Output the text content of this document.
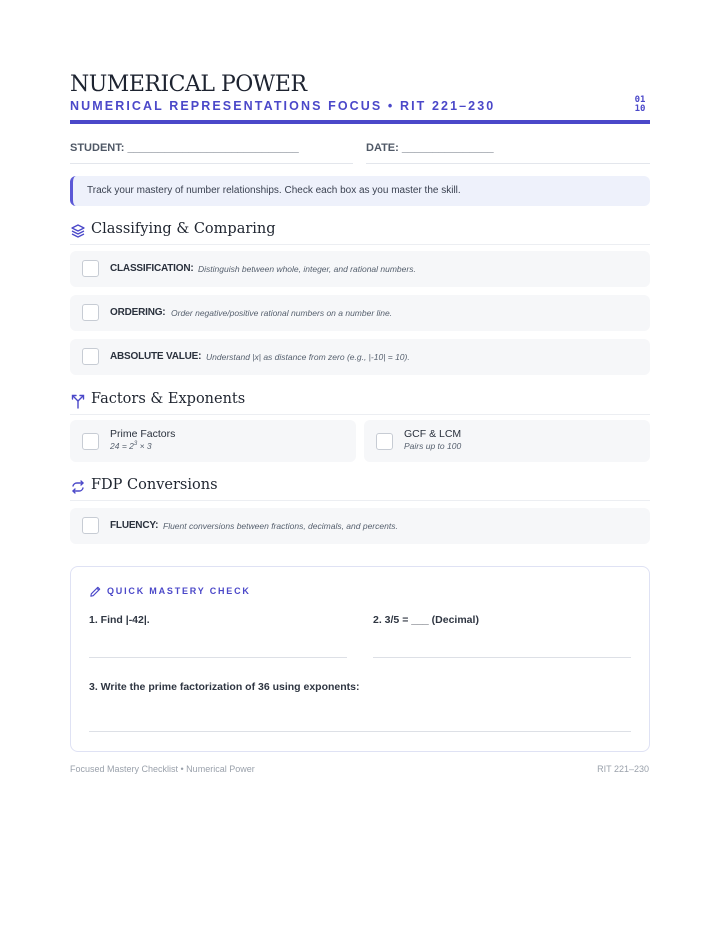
NUMERICAL POWER
NUMERICAL REPRESENTATIONS FOCUS • RIT 221–230	01
10
STUDENT: ____________________________	DATE: _______________
Track your mastery of number relationships. Check each box as you master the skill.
Classifying & Comparing
CLASSIFICATION: Distinguish between whole, integer, and rational numbers.
ORDERING: Order negative/positive rational numbers on a number line.
ABSOLUTE VALUE: Understand |x| as distance from zero (e.g., |-10| = 10).
Factors & Exponents
Prime Factors
$24 = 2^3 \times 3$
GCF & LCM
Pairs up to 100
FDP Conversions
FLUENCY: Fluent conversions between fractions, decimals, and percents.
QUICK MASTERY CHECK
1. Find |-42|.	2. 3/5 = ___ (Decimal)
3. Write the prime factorization of 36 using exponents:
Focused Mastery Checklist • Numerical Power	RIT 221–230
